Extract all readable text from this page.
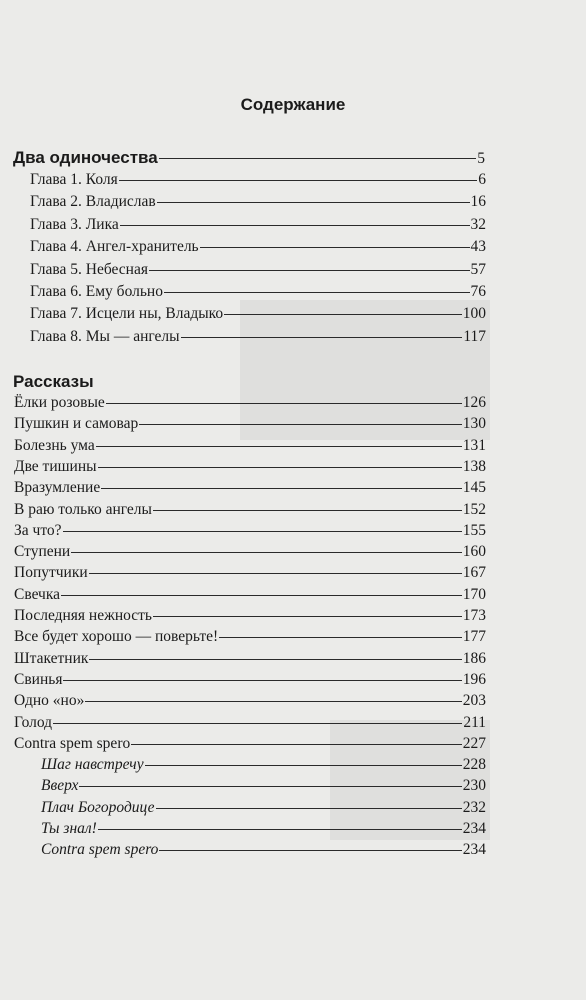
Содержание
Два одиночества	5
Глава 1. Коля	6
Глава 2. Владислав	16
Глава 3. Лика	32
Глава 4. Ангел-хранитель	43
Глава 5. Небесная	57
Глава 6. Ему больно	76
Глава 7. Исцели ны, Владыко	100
Глава 8. Мы — ангелы	117
Рассказы
Ёлки розовые	126
Пушкин и самовар	130
Болезнь ума	131
Две тишины	138
Вразумление	145
В раю только ангелы	152
За что?	155
Ступени	160
Попутчики	167
Свечка	170
Последняя нежность	173
Все будет хорошо — поверьте!	177
Штакетник	186
Свинья	196
Одно «но»	203
Голод	211
Contra spem spero	227
Шаг навстречу	228
Вверх	230
Плач Богородице	232
Ты знал!	234
Contra spem spero	234
